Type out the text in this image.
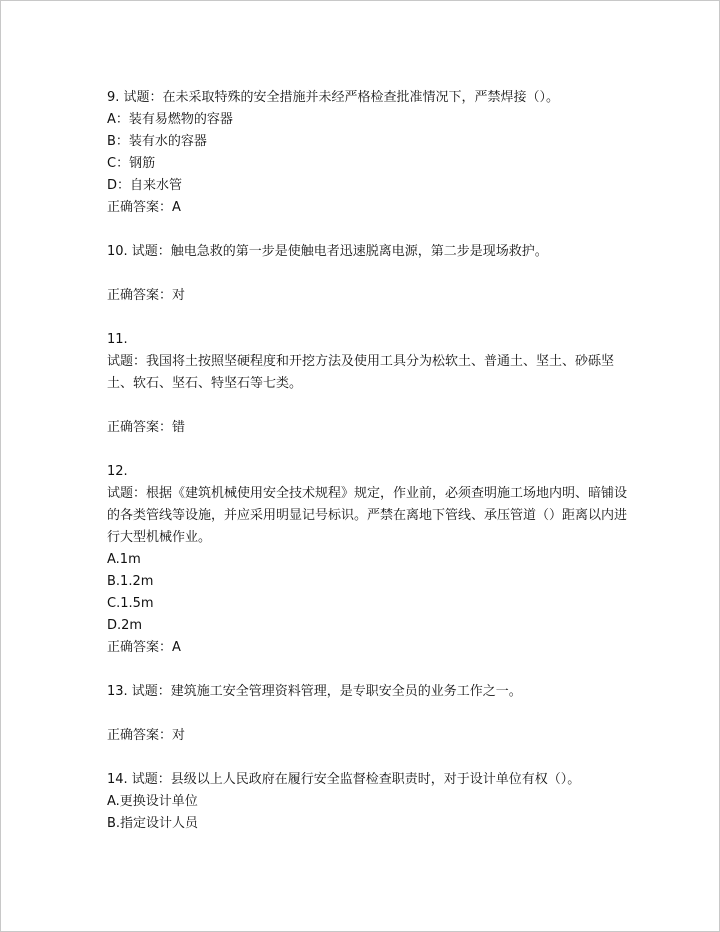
9. 试题：在未采取特殊的安全措施并未经严格检查批准情况下，严禁焊接（）。

A：装有易燃物的容器

B：装有水的容器

C：钢筋

D：自来水管

正确答案：A

10. 试题：触电急救的第一步是使触电者迅速脱离电源，第二步是现场救护。

正确答案：对

11.

试题：我国将土按照坚硬程度和开挖方法及使用工具分为松软土、普通土、坚土、砂砾坚土、软石、坚石、特坚石等七类。

正确答案：错

12.

试题：根据《建筑机械使用安全技术规程》规定，作业前，必须查明施工场地内明、暗铺设的各类管线等设施，并应采用明显记号标识。严禁在离地下管线、承压管道（）距离以内进行大型机械作业。

A.1m

B.1.2m

C.1.5m

D.2m

正确答案：A

13. 试题：建筑施工安全管理资料管理，是专职安全员的业务工作之一。

正确答案：对

14. 试题：县级以上人民政府在履行安全监督检查职责时，对于设计单位有权（）。

A.更换设计单位

B.指定设计人员
